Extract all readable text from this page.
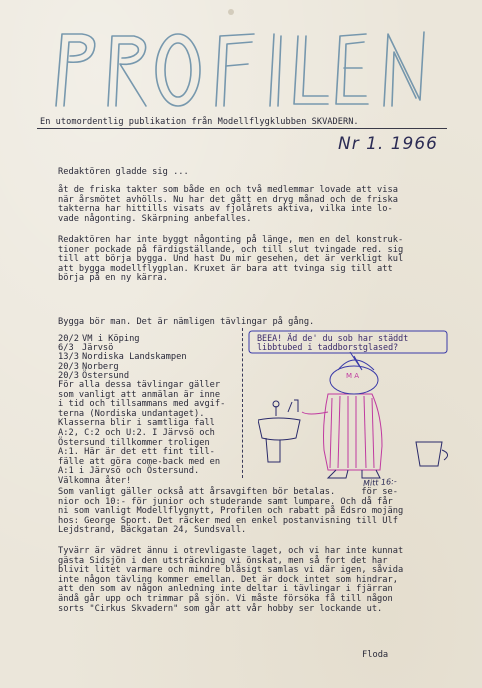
En utomordentlig publikation från Modellflygklubben SKVADERN.
Nr 1. 1966
Redaktören gladde sig ...
åt de friska takter som både en och två medlemmar lovade att visa
när årsmötet avhölls. Nu har det gått en dryg månad och de friska
takterna har hittills visats av fjolårets aktiva, vilka inte lo-
vade någonting. Skärpning anbefalles.
Redaktören har inte byggt någonting på länge, men en del konstruk-
tioner pockade på färdigställande, och till slut tvingade red. sig
till att börja bygga. Und hast Du mir gesehen, det är verkligt kul
att bygga modellflygplan. Kruxet är bara att tvinga sig till att
börja på en ny kärra.
Bygga bör man. Det är nämligen tävlingar på gång.
20/2 VM i Köping
6/3 Järvsö
13/3 Nordiska Landskampen
20/3 Norberg
20/3 Östersund
BEEA! Äd de' du sob har städdt
libbtubed i taddborstglased?
M A
För alla dessa tävlingar gäller
som vanligt att anmälan är inne
i tid och tillsammans med avgif-
terna (Nordiska undantaget).
Klasserna blir i samtliga fall
A:2, C:2 och U:2. I Järvsö och
Östersund tillkommer troligen
A:1. Här är det ett fint till-
fälle att göra come-back med en
A:1 i Järvsö och Östersund.
Välkomna åter!	Mitt 16:-
Som vanligt gäller också att årsavgiften bör betalas.     för se-
nior och 10:- för junior och studerande samt lumpare. Och då får
ni som vanligt Modellflygnytt, Profilen och rabatt på Edsro mojäng
hos: George Sport. Det räcker med en enkel postanvisning till Ulf
Lejdstrand, Bäckgatan 24, Sundsvall.
Tyvärr är vädret ännu i otrevligaste laget, och vi har inte kunnat
gästa Sidsjön i den utsträckning vi önskat, men så fort det har
blivit litet varmare och mindre blåsigt samlas vi där igen, såvida
inte någon tävling kommer emellan. Det är dock intet som hindrar,
att den som av någon anledning inte deltar i tävlingar i fjärran
ändå går upp och trimmar på sjön. Vi måste försöka få till någon
sorts "Cirkus Skvadern" som går att vår hobby ser lockande ut.
Floda
